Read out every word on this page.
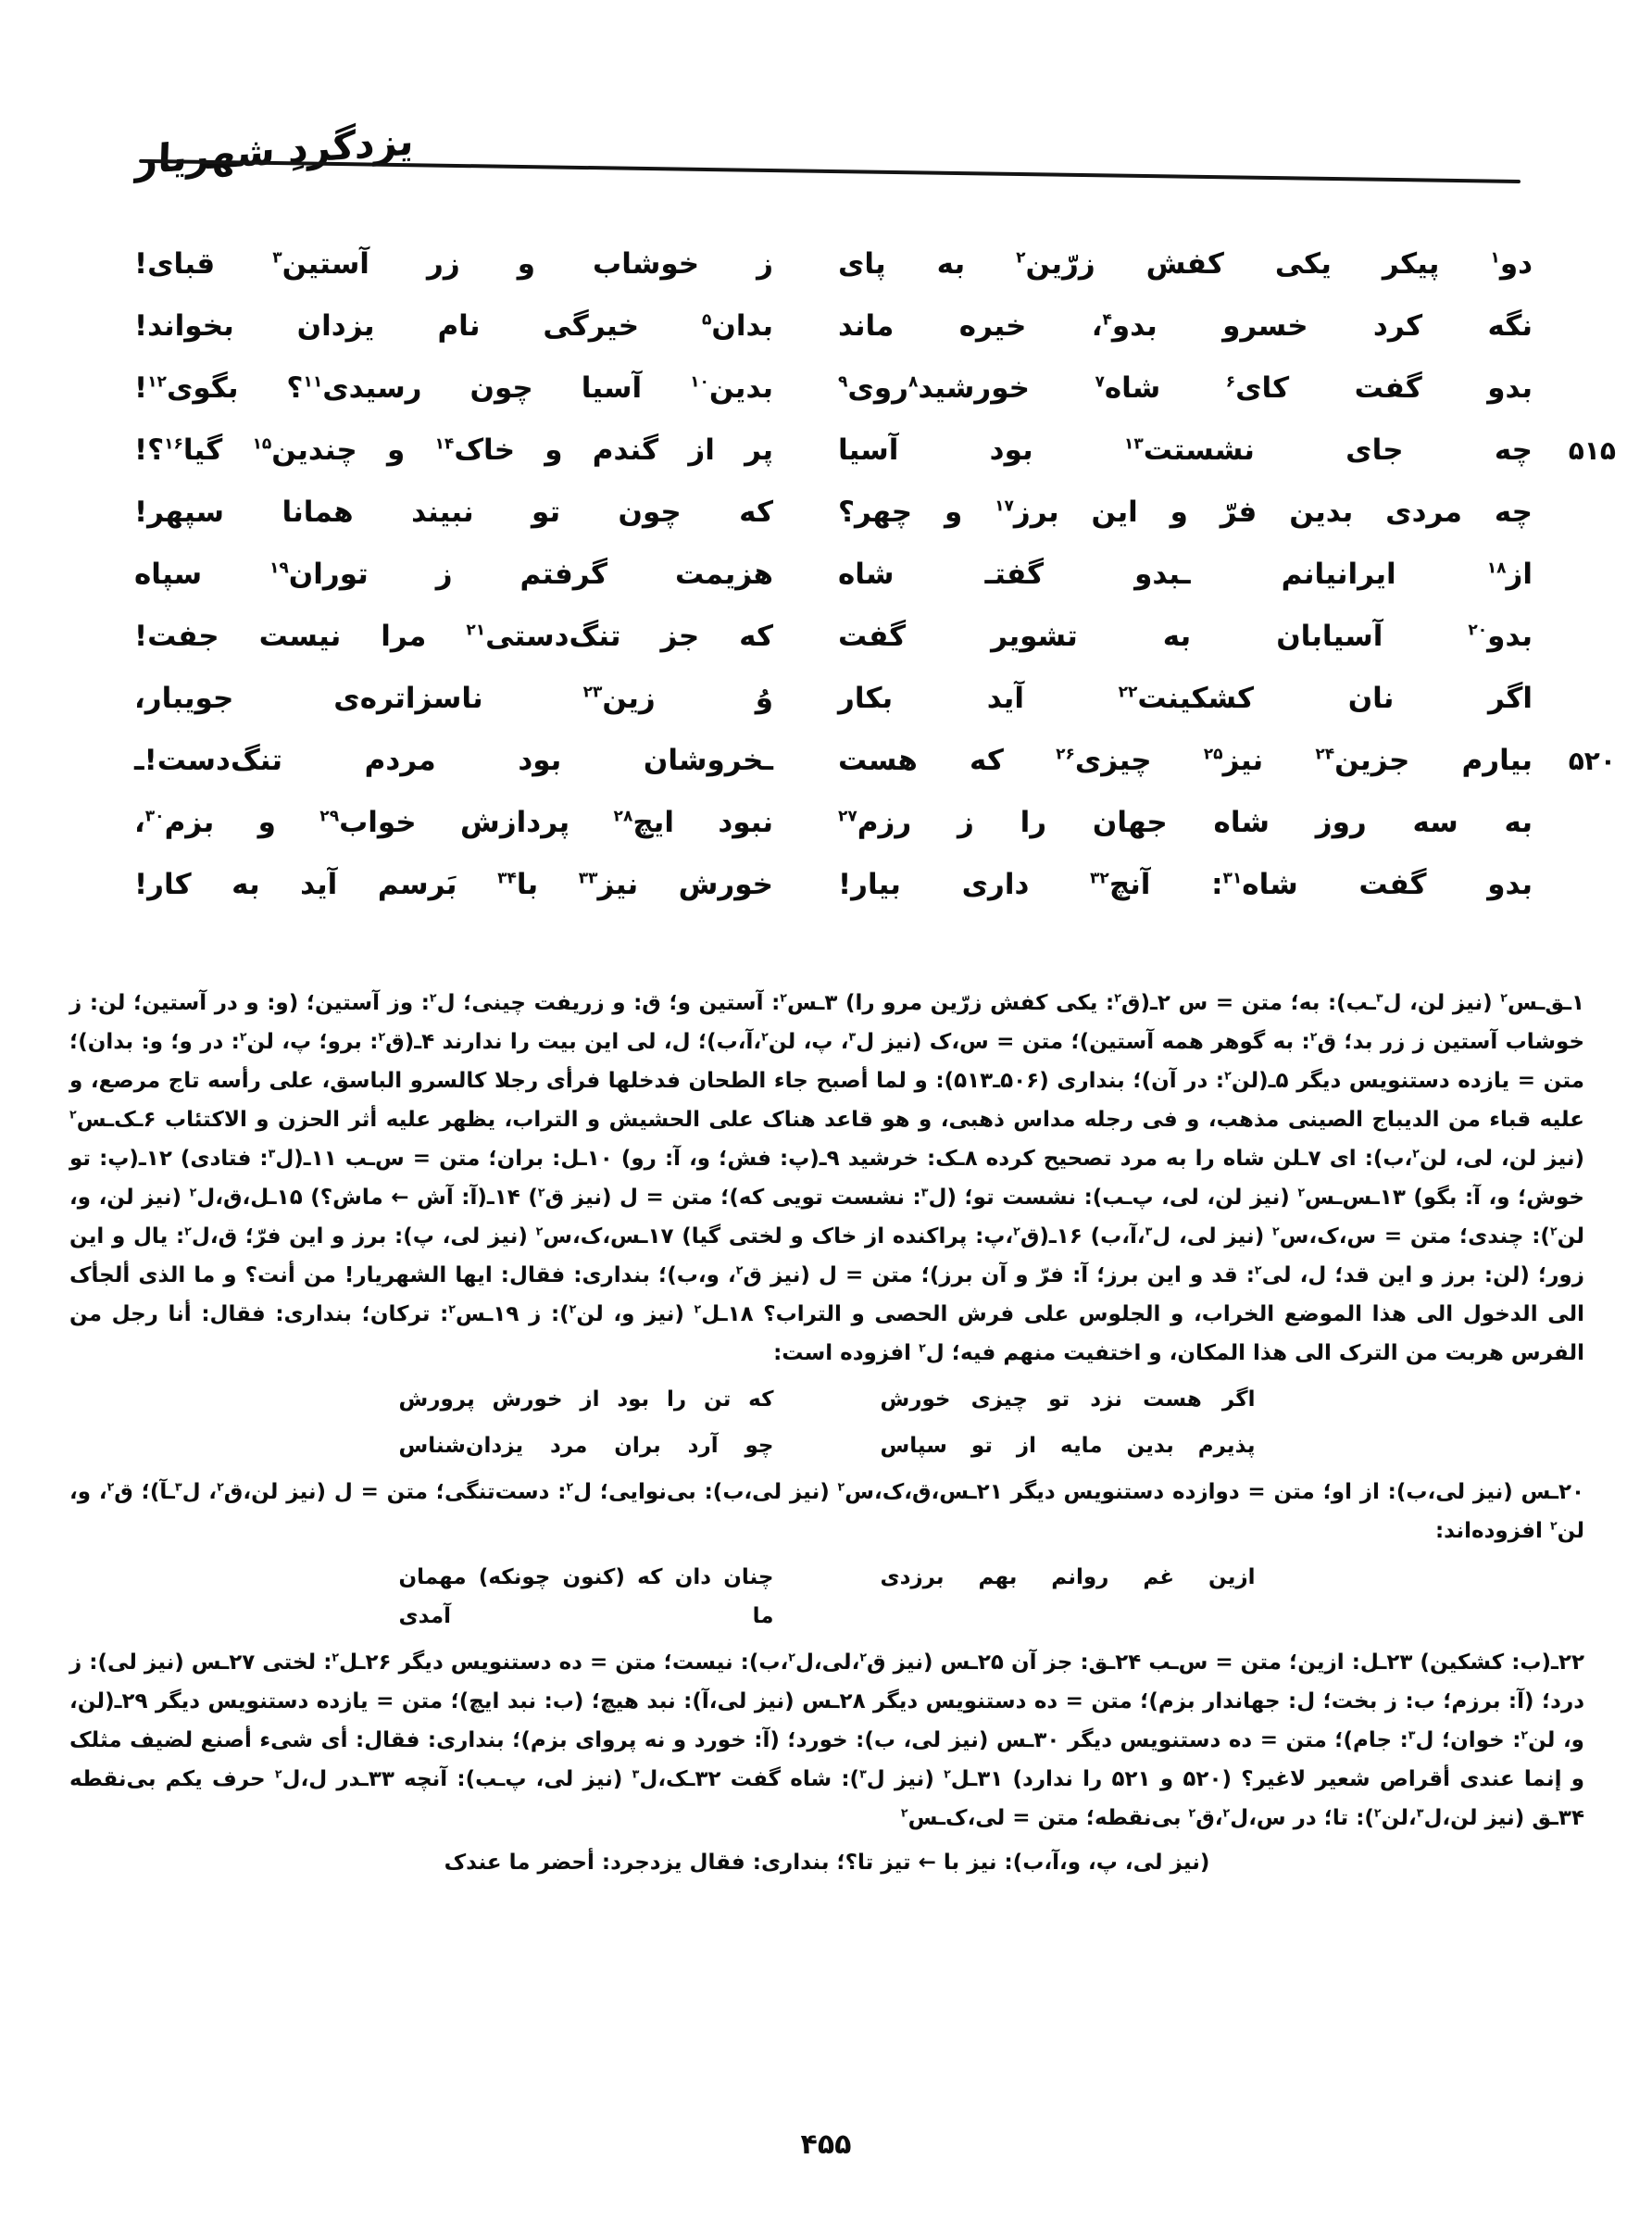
یزدگردِ شهریار
دو$^۱$ پیکر یکی کفش زرّین$^۲$ به پای
ز خوشاب و زر آستین$^۳$ قبای!
نگه کرد خسرو بدو$^۴$، خیره ماند
بدان$^۵$ خیرگی نام یزدان بخواند!
بدو گفت کای$^۶$ شاه$^۷$ خورشید$^۸$روی$^۹$
بدین$^{۱۰}$ آسیا چون رسیدی$^{۱۱}$؟ بگوی$^{۱۲}$!
۵۱۵
چه جای نشستت$^{۱۳}$ بود آسیا
پر از گندم و خاک$^{۱۴}$ و چندین$^{۱۵}$ گیا$^{۱۶}$؟!
چه مردی بدین فرّ و این برز$^{۱۷}$ و چهر؟
که چون تو نبیند همانا سپهر!
از$^{۱۸}$ ایرانیانم ـبدو گفتـ شاه
هزیمت گرفتم ز توران$^{۱۹}$ سپاه
بدو$^{۲۰}$ آسیابان به تشویر گفت
که جز تنگ‌دستی$^{۲۱}$ مرا نیست جفت!
اگر نان کشکینت$^{۲۲}$ آید بکار
وُ زین$^{۲۳}$ ناسزاتره‌ی جویبار،
۵۲۰
بیارم جزین$^{۲۴}$ نیز$^{۲۵}$ چیزی$^{۲۶}$ که هست
ـخروشان بود مردم تنگ‌دست!ـ
به سه روز شاه جهان را ز رزم$^{۲۷}$
نبود ایچ$^{۲۸}$ پردازش خواب$^{۲۹}$ و بزم$^{۳۰}$،
بدو گفت شاه$^{۳۱}$: آنچ$^{۳۲}$ داری بیار!
خورش نیز$^{۳۳}$ با$^{۳۴}$ بَرسم آید به کار!
۱ـق‌ـس$^۲$ (نیز لن، ل$^۳$ـب): به؛ متن = س ۲ـ(ق$^۲$: یکی کفش زرّین مرو را) ۳ـس$^۲$: آستین و؛ ق: و زریفت چینی؛ ل$^۲$: وز آستین؛ (و: و در آستین؛ لن: ز خوشاب آستین ز زر بد؛ ق$^۲$: به گوهر همه آستین)؛ متن = س،ک (نیز ل$^۳$، پ، لن$^۲$،آ،ب)؛ ل، لی این بیت را ندارند ۴ـ(ق$^۲$: برو؛ پ، لن$^۲$: در و؛ و: بدان)؛ متن = یازده دستنویس دیگر ۵ـ(لن$^۲$: در آن)؛ بنداری (۵۰۶ـ۵۱۳): و لما أصبح جاء الطحان فدخلها فرأی رجلا کالسرو الباسق، علی رأسه تاج مرصع، و علیه قباء من الدیباج الصینی مذهب، و فی رجله مداس ذهبی، و هو قاعد هناک علی الحشیش و التراب، یظهر علیه أثر الحزن و الاکتئاب ۶ـک‌ـس$^۲$ (نیز لن، لی، لن$^۲$،ب): ای ۷ـلن شاه را به مرد تصحیح کرده ۸ـک: خرشید ۹ـ(پ: فش؛ و، آ: رو) ۱۰ـل: بران؛ متن = س‌ـب ۱۱ـ(ل$^۳$: فتادی) ۱۲ـ(پ: تو خوش؛ و، آ: بگو) ۱۳ـس‌ـس$^۲$ (نیز لن، لی، پ‌ـب): نشست تو؛ (ل$^۳$: نشست تویی که)؛ متن = ل (نیز ق$^۲$) ۱۴ـ(آ: آش ← ماش؟) ۱۵ـل،ق،ل$^۲$ (نیز لن، و، لن$^۲$): چندی؛ متن = س،ک،س$^۲$ (نیز لی، ل$^۳$،آ،ب) ۱۶ـ(ق$^۲$،پ: پراکنده از خاک و لختی گیا) ۱۷ـس،ک،س$^۲$ (نیز لی، پ): برز و این فرّ؛ ق،ل$^۲$: یال و این زور؛ (لن: برز و این قد؛ ل، لی$^۲$: قد و این برز؛ آ: فرّ و آن برز)؛ متن = ل (نیز ق$^۲$، و،ب)؛ بنداری: فقال: ایها الشهریار! من أنت؟ و ما الذی ألجأک الی الدخول الی هذا الموضع الخراب، و الجلوس علی فرش الحصی و التراب؟ ۱۸ـل$^۲$ (نیز و، لن$^۲$): ز ۱۹ـس$^۲$: ترکان؛ بنداری: فقال: أنا رجل من الفرس هربت من الترک الی هذا المکان، و اختفیت منهم فیه؛ ل$^۲$ افزوده است:
اگر هست نزد تو چیزی خورش
که تن را بود از خورش پرورش
پذیرم بدین مایه از تو سپاس
چو آرد بران مرد یزدان‌شناس
۲۰ـس (نیز لی،ب): از او؛ متن = دوازده دستنویس دیگر ۲۱ـس،ق،ک،س$^۲$ (نیز لی،ب): بی‌نوایی؛ ل$^۲$: دست‌تنگی؛ متن = ل (نیز لن،ق$^۲$، ل$^۳$ـآ)؛ ق$^۲$، و، لن$^۲$ افزوده‌اند:
ازین غم روانم بهم برزدی
چنان دان که (کنون چونکه) مهمان ما آمدی
۲۲ـ(ب: کشکین) ۲۳ـل: ازین؛ متن = س‌ـب ۲۴ـق: جز آن ۲۵ـس (نیز ق$^۲$،لی،ل$^۲$،ب): نیست؛ متن = ده دستنویس دیگر ۲۶ـل$^۲$: لختی ۲۷ـس (نیز لی): ز درد؛ (آ: برزم؛ ب: ز بخت؛ ل: جهاندار بزم)؛ متن = ده دستنویس دیگر ۲۸ـس (نیز لی،آ): نبد هیچ؛ (ب: نبد ایچ)؛ متن = یازده دستنویس دیگر ۲۹ـ(لن، و، لن$^۲$: خوان؛ ل$^۳$: جام)؛ متن = ده دستنویس دیگر ۳۰ـس (نیز لی، ب): خورد؛ (آ: خورد و نه پروای بزم)؛ بنداری: فقال: أی شیء أصنع لضیف مثلک و إنما عندی أقراص شعیر لاغیر؟ (۵۲۰ و ۵۲۱ را ندارد) ۳۱ـل$^۲$ (نیز ل$^۳$): شاه گفت ۳۲ـک،ل$^۳$ (نیز لی، پ‌ـب): آنچه ۳۳ـدر ل،ل$^۲$ حرف یکم بی‌نقطه ۳۴ـق (نیز لن،ل$^۳$،لن$^۲$): تا؛ در س،ل$^۲$،ق$^۲$ بی‌نقطه؛ متن = لی،ک‌ـس$^۲$
(نیز لی، پ، و،آ،ب): نیز با ← تیز تا؟؛ بنداری: فقال یزدجرد: أحضر ما عندک
۴۵۵
